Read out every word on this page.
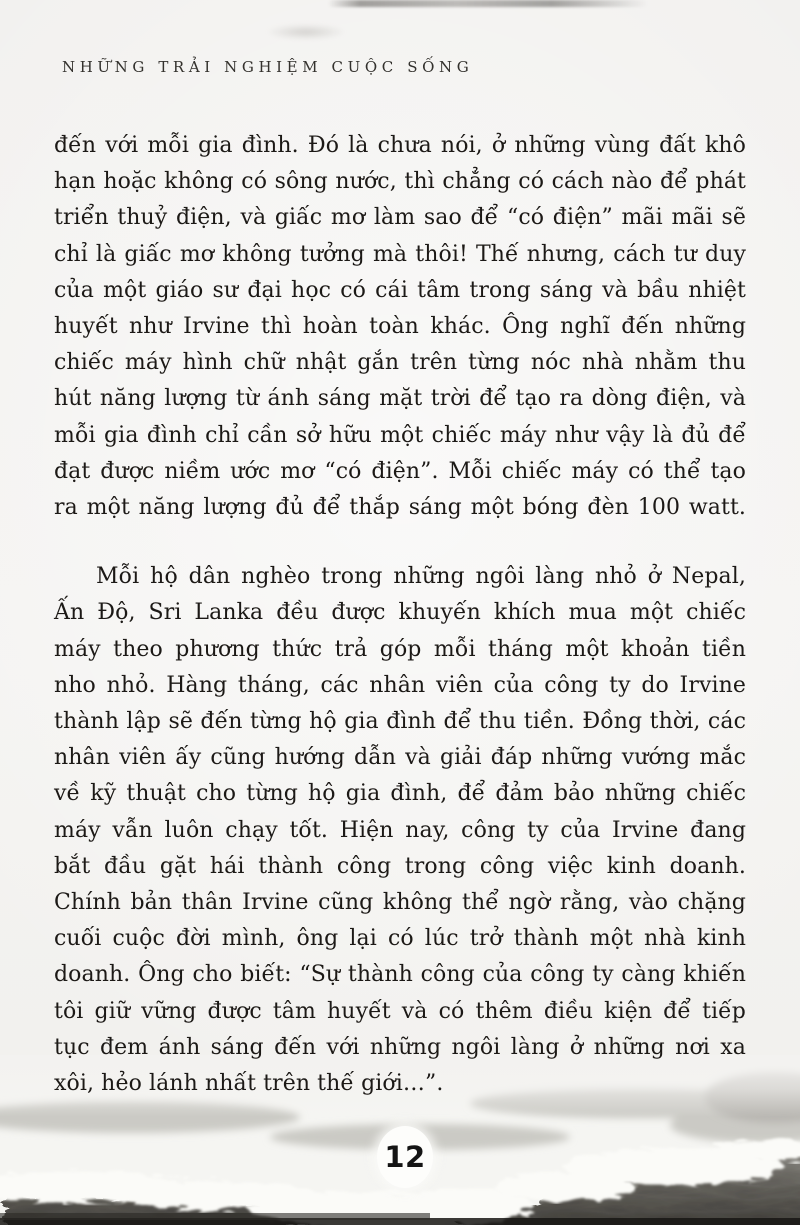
NHỮNG TRẢI NGHIỆM CUỘC SỐNG
đến với mỗi gia đình. Đó là chưa nói, ở những vùng đất khô
hạn hoặc không có sông nước, thì chẳng có cách nào để phát
triển thuỷ điện, và giấc mơ làm sao để “có điện” mãi mãi sẽ
chỉ là giấc mơ không tưởng mà thôi! Thế nhưng, cách tư duy
của một giáo sư đại học có cái tâm trong sáng và bầu nhiệt
huyết như Irvine thì hoàn toàn khác. Ông nghĩ đến những
chiếc máy hình chữ nhật gắn trên từng nóc nhà nhằm thu
hút năng lượng từ ánh sáng mặt trời để tạo ra dòng điện, và
mỗi gia đình chỉ cần sở hữu một chiếc máy như vậy là đủ để
đạt được niềm ước mơ “có điện”. Mỗi chiếc máy có thể tạo
ra một năng lượng đủ để thắp sáng một bóng đèn 100 watt.
Mỗi hộ dân nghèo trong những ngôi làng nhỏ ở Nepal,
Ấn Độ, Sri Lanka đều được khuyến khích mua một chiếc
máy theo phương thức trả góp mỗi tháng một khoản tiền
nho nhỏ. Hàng tháng, các nhân viên của công ty do Irvine
thành lập sẽ đến từng hộ gia đình để thu tiền. Đồng thời, các
nhân viên ấy cũng hướng dẫn và giải đáp những vướng mắc
về kỹ thuật cho từng hộ gia đình, để đảm bảo những chiếc
máy vẫn luôn chạy tốt. Hiện nay, công ty của Irvine đang
bắt đầu gặt hái thành công trong công việc kinh doanh.
Chính bản thân Irvine cũng không thể ngờ rằng, vào chặng
cuối cuộc đời mình, ông lại có lúc trở thành một nhà kinh
doanh. Ông cho biết: “Sự thành công của công ty càng khiến
tôi giữ vững được tâm huyết và có thêm điều kiện để tiếp
tục đem ánh sáng đến với những ngôi làng ở những nơi xa
xôi, hẻo lánh nhất trên thế giới…”.
12
